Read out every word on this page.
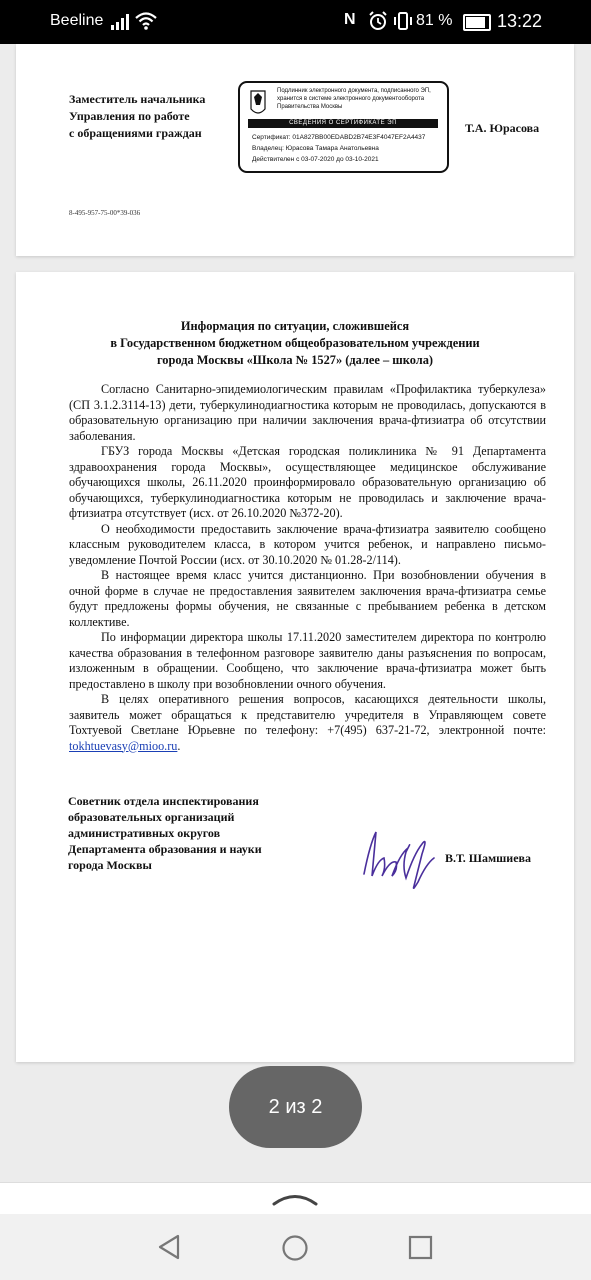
Beeline	N	81 % 13:22
Заместитель начальника
Управления по работе
с обращениями граждан
Подлинник электронного документа, подписанного ЭП,
хранится в системе электронного документооборота
Правительства Москвы
СВЕДЕНИЯ О СЕРТИФИКАТЕ ЭП
Сертификат: 01A827BB00EDABD2B74E3F4047EF2A4437
Владелец: Юрасова Тамара Анатольевна
Действителен с 03-07-2020 до 03-10-2021
Т.А. Юрасова
8-495-957-75-00*39-036
Информация по ситуации, сложившейся
в Государственном бюджетном общеобразовательном учреждении
города Москвы «Школа № 1527» (далее – школа)

Согласно Санитарно-эпидемиологическим правилам «Профилактика туберкулеза» (СП 3.1.2.3114-13) дети, туберкулинодиагностика которым не проводилась, допускаются в образовательную организацию при наличии заключения врача-фтизиатра об отсутствии заболевания.

ГБУЗ города Москвы «Детская городская поликлиника № 91 Департамента здравоохранения города Москвы», осуществляющее медицинское обслуживание обучающихся школы, 26.11.2020 проинформировало образовательную организацию об обучающихся, туберкулинодиагностика которым не проводилась и заключение врача-фтизиатра отсутствует (исх. от 26.10.2020 №372-20).

О необходимости предоставить заключение врача-фтизиатра заявителю сообщено классным руководителем класса, в котором учится ребенок, и направлено письмо-уведомление Почтой России (исх. от 30.10.2020 № 01.28-2/114).

В настоящее время класс учится дистанционно. При возобновлении обучения в очной форме в случае не предоставления заявителем заключения врача-фтизиатра семье будут предложены формы обучения, не связанные с пребыванием ребенка в детском коллективе.

По информации директора школы 17.11.2020 заместителем директора по контролю качества образования в телефонном разговоре заявителю даны разъяснения по вопросам, изложенным в обращении. Сообщено, что заключение врача-фтизиатра может быть предоставлено в школу при возобновлении очного обучения.

В целях оперативного решения вопросов, касающихся деятельности школы, заявитель может обращаться к представителю учредителя в Управляющем совете Тохтуевой Светлане Юрьевне по телефону: +7(495) 637-21-72, электронной почте: tokhtuevasy@mioo.ru.

Советник отдела инспектирования
образовательных организаций
административных округов
Департамента образования и науки
города Москвы	В.Т. Шамшиева
2 из 2
